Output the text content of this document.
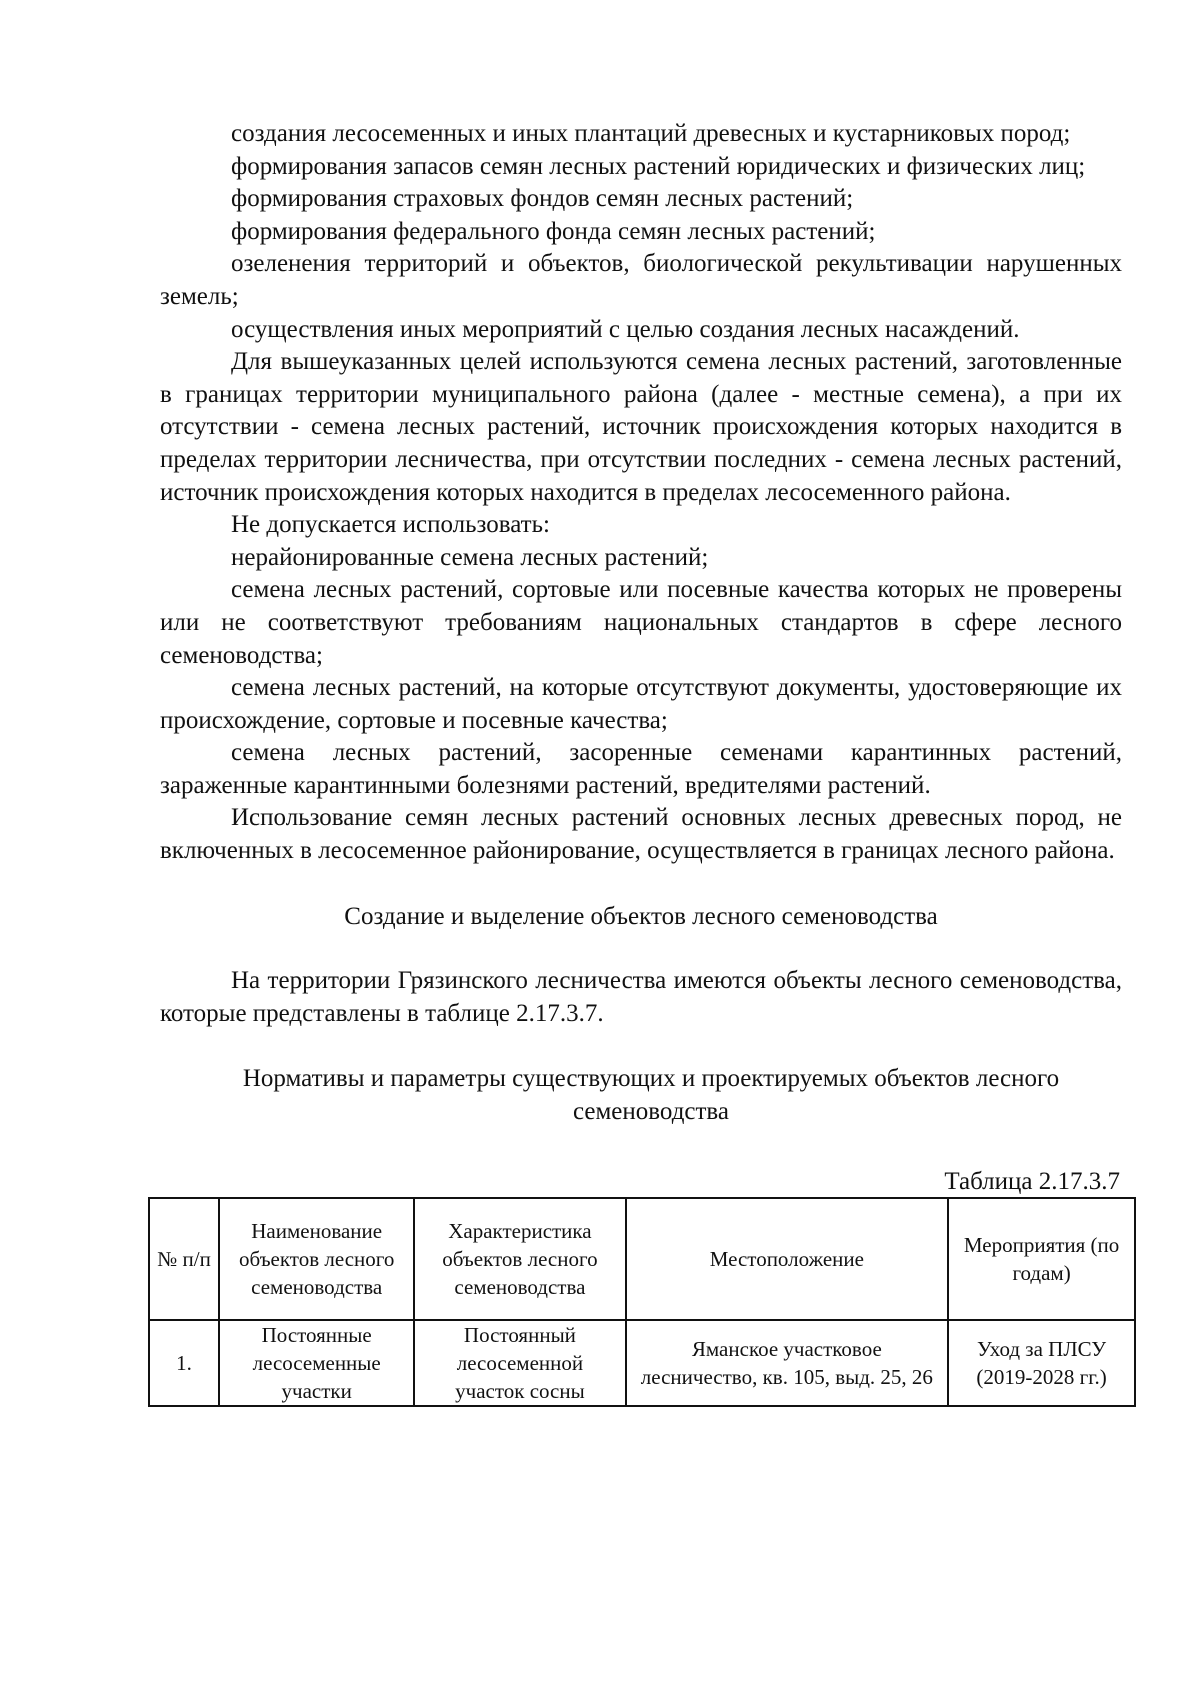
создания лесосеменных и иных плантаций древесных и кустарниковых пород;

формирования запасов семян лесных растений юридических и физических лиц;

формирования страховых фондов семян лесных растений;

формирования федерального фонда семян лесных растений;

озеленения территорий и объектов, биологической рекультивации нарушенных земель;

осуществления иных мероприятий с целью создания лесных насаждений.

Для вышеуказанных целей используются семена лесных растений, заготовленные в границах территории муниципального района (далее - местные семена), а при их отсутствии - семена лесных растений, источник происхождения которых находится в пределах территории лесничества, при отсутствии последних - семена лесных растений, источник происхождения которых находится в пределах лесосеменного района.

Не допускается использовать:

нерайонированные семена лесных растений;

семена лесных растений, сортовые или посевные качества которых не проверены или не соответствуют требованиям национальных стандартов в сфере лесного семеноводства;

семена лесных растений, на которые отсутствуют документы, удостоверяющие их происхождение, сортовые и посевные качества;

семена лесных растений, засоренные семенами карантинных растений, зараженные карантинными болезнями растений, вредителями растений.

Использование семян лесных растений основных лесных древесных пород, не включенных в лесосеменное районирование, осуществляется в границах лесного района.

Создание и выделение объектов лесного семеноводства

На территории Грязинского лесничества имеются объекты лесного семеноводства, которые представлены в таблице 2.17.3.7.

Нормативы и параметры существующих и проектируемых объектов лесного семеноводства

Таблица 2.17.3.7

№ п/п	Наименование объектов лесного семеноводства	Характеристика объектов лесного семеноводства	Местоположение	Мероприятия (по годам)
1.	Постоянные лесосеменные участки	Постоянный лесосеменной участок сосны	Яманское участковое лесничество, кв. 105, выд. 25, 26	Уход за ПЛСУ (2019-2028 гг.)
